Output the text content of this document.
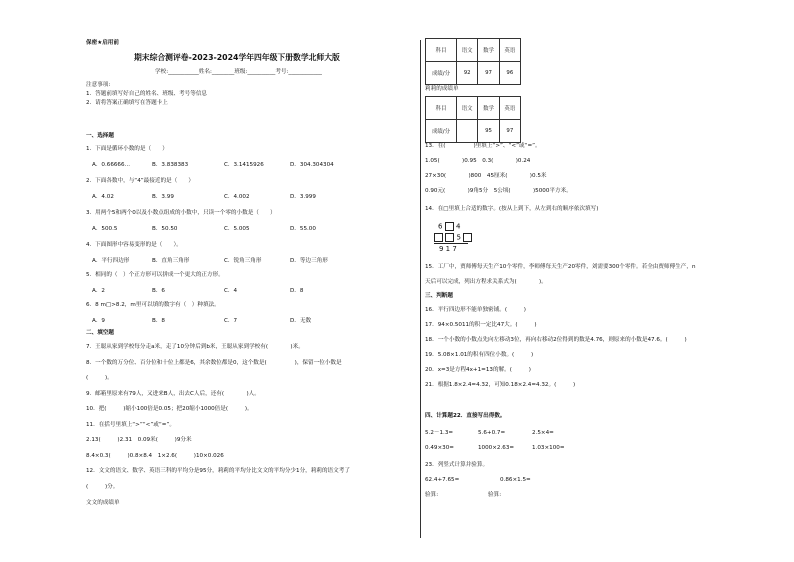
保密★启用前
期末综合测评卷-2023-2024学年四年级下册数学北师大版
学校:___________姓名:________班级:__________考号:____________
注意事项:
1．答题前填写好自己的姓名、班级、考号等信息
2．请将答案正确填写在答题卡上
一、选择题
1．下面是循环小数的是（　　）
A．0.66666…	B．3.838383	C．3.1415926	D．304.304304
2．下面各数中，与“4”最接近的是（　　）
A．4.02	B．3.99	C．4.002	D．3.999
3．用两个5和两个0以及小数点组成的小数中，只读一个零的小数是（　　）
A．500.5	B．50.50	C．5.005	D．55.00
4．下面图形中容易变形的是（　　）。
A．平行四边形	B．直角三角形	C．锐角三角形	D．等边三角形
5．相同的（　）个正方形可以拼成一个更大的正方形。
A．2	B．6	C．4	D．8
6．8 m□>8.2，m里可以填的数字有（　）种填法。
A．9	B．8	C．7	D．无数
二、填空题
7．王聪从家到学校每分走a米，走了10分钟后到b米，王聪从家到学校有(　　　　)米。
8．一个数的万分位、百分位和十位上都是6，其余数位都是0，这个数是(　　　　　)，保留一位小数是
(　　　)。
9．邮箱里原来有79人，又进来B人，出去C人后，还有(　　　　)人。
10．把(　　　)缩小100倍是0.05；把20缩小1000倍是(　　　)。
11．在括号里填上“>”“<”或“=”。
2.13(　　　)2.31　0.09米(　　　)9分米
8.4×0.3(　　　)0.8×8.4　1×2.6(　　　)10×0.026
12．文文的语文、数学、英语三科的平均分是95分，莉莉的平均分比文文的平均分少1分，莉莉的语文考了
(　　　)分。
文文的成绩单
科目	语文	数学	英语
成绩/分	92	97	96
莉莉的成绩单
科目	语文	数学	英语
成绩/分		95	97
13．在(　　　　　)里填上“>”、“<”或“=”。
1.05(　　　　)0.95　0.3(　　　　)0.24
27×30(　　　　)800　45厘米(　　　　)0.5米
0.90元(　　　　)9角5分　5公顷(　　　　)5000平方米。
14．在□里填上合适的数字。(按从上到下，从左到右的顺序依次填写)
6 4
5
9 1 7
15．工厂中，贾师傅每天生产10个零件，李师傅每天生产20零件，刘需要300个零件。若全由贾师傅生产，n
天后可以完成，列出方程求关系式为(　　　　)。
三、判断题
16．平行四边形不能单独密铺。(　　　)
17．94×0.5011的积一定比47大。(　　　)
18．一个小数的小数点先向左移动3位，再向右移动2位得到的数是4.76，则原来的小数是47.6。(　　　)
19．5.08×1.01的积有四位小数。(　　　)
20．x=3是方程4x+1=13的解。(　　　)
21．根据1.8×2.4=4.32，可知0.18×2.4=4.32。(　　　)
四、计算题22．直接写出得数。
5.2－1.3=	5.6+0.7=	2.5×4=
0.49×30=	1000×2.63=	1.03×100=
23．列竖式计算并验算。
62.4+7.65=	0.86×1.5=
验算:	验算:
